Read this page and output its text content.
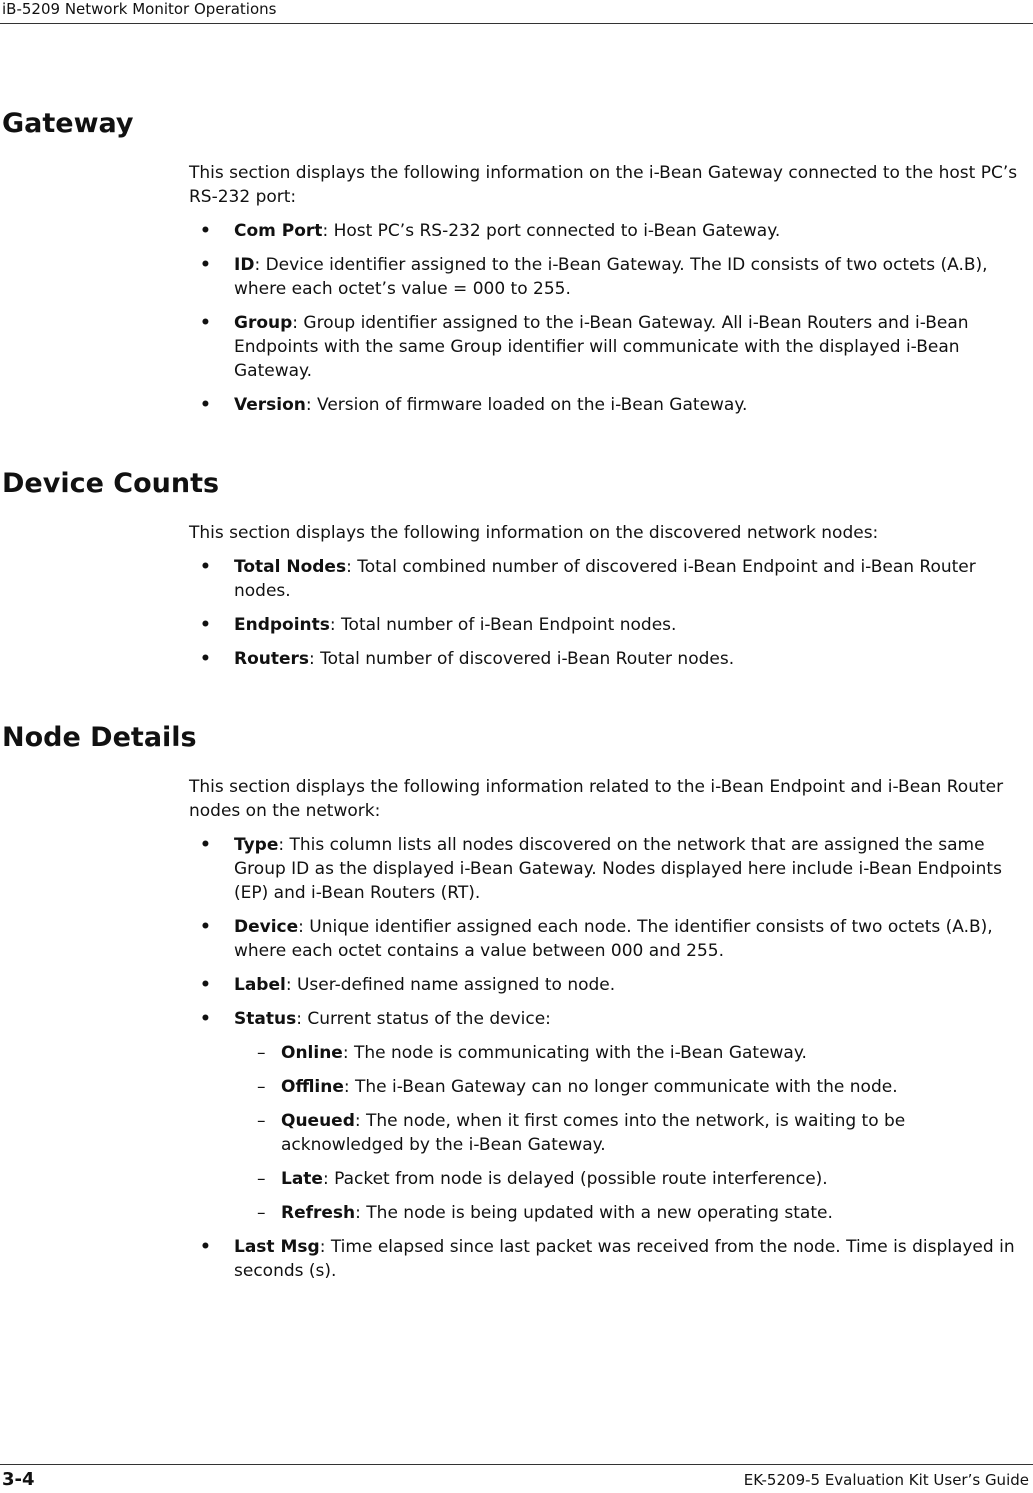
iB-5209 Network Monitor Operations
Gateway

This section displays the following information on the i-Bean Gateway connected to the host PC’s RS-232 port:

• Com Port: Host PC’s RS-232 port connected to i-Bean Gateway.
• ID: Device identifier assigned to the i-Bean Gateway. The ID consists of two octets (A.B), where each octet’s value = 000 to 255.
• Group: Group identifier assigned to the i-Bean Gateway. All i-Bean Routers and i-Bean Endpoints with the same Group identifier will communicate with the displayed i-Bean Gateway.
• Version: Version of firmware loaded on the i-Bean Gateway.
Device Counts

This section displays the following information on the discovered network nodes:

• Total Nodes: Total combined number of discovered i-Bean Endpoint and i-Bean Router nodes.
• Endpoints: Total number of i-Bean Endpoint nodes.
• Routers: Total number of discovered i-Bean Router nodes.
Node Details

This section displays the following information related to the i-Bean Endpoint and i-Bean Router nodes on the network:

• Type: This column lists all nodes discovered on the network that are assigned the same Group ID as the displayed i-Bean Gateway. Nodes displayed here include i-Bean Endpoints (EP) and i-Bean Routers (RT).
• Device: Unique identifier assigned each node. The identifier consists of two octets (A.B), where each octet contains a value between 000 and 255.
• Label: User-defined name assigned to node.
• Status: Current status of the device:
– Online: The node is communicating with the i-Bean Gateway.
– Offline: The i-Bean Gateway can no longer communicate with the node.
– Queued: The node, when it first comes into the network, is waiting to be acknowledged by the i-Bean Gateway.
– Late: Packet from node is delayed (possible route interference).
– Refresh: The node is being updated with a new operating state.
• Last Msg: Time elapsed since last packet was received from the node. Time is displayed in seconds (s).
3-4	EK-5209-5 Evaluation Kit User’s Guide
